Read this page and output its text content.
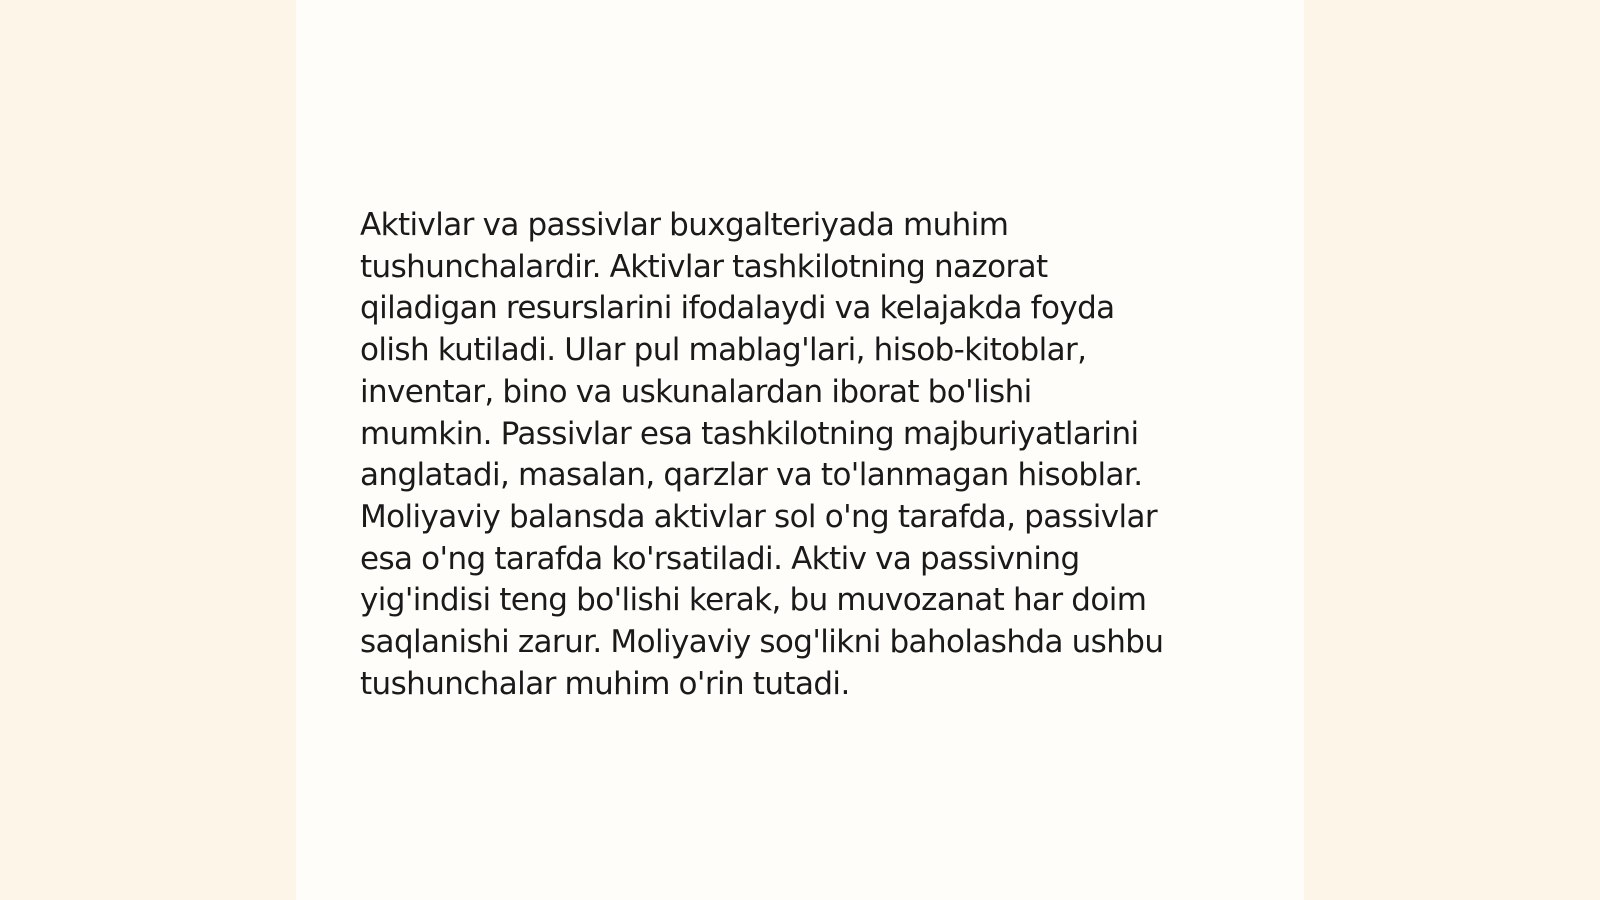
Aktivlar va passivlar buxgalteriyada muhim
tushunchalardir. Aktivlar tashkilotning nazorat
qiladigan resurslarini ifodalaydi va kelajakda foyda
olish kutiladi. Ular pul mablag'lari, hisob-kitoblar,
inventar, bino va uskunalardan iborat bo'lishi
mumkin. Passivlar esa tashkilotning majburiyatlarini
anglatadi, masalan, qarzlar va to'lanmagan hisoblar.
Moliyaviy balansda aktivlar sol o'ng tarafda, passivlar
esa o'ng tarafda ko'rsatiladi. Aktiv va passivning
yig'indisi teng bo'lishi kerak, bu muvozanat har doim
saqlanishi zarur. Moliyaviy sog'likni baholashda ushbu
tushunchalar muhim o'rin tutadi.
